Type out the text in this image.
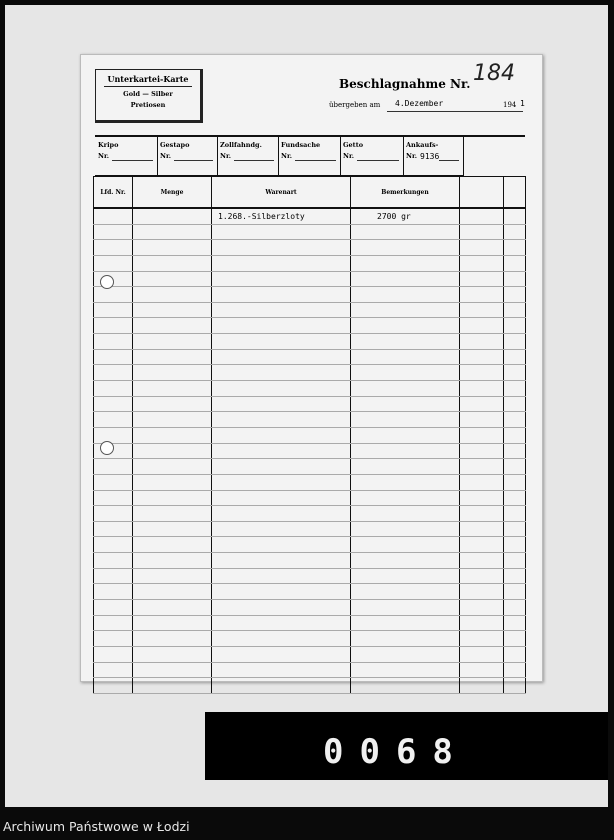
Unterkartei-Karte
Gold — Silber
Pretiosen
Beschlagnahme Nr. 184
übergeben am 4.Dezember	194 1
Kripo
Nr.
Gestapo
Nr.
Zollfahndg.
Nr.
Fundsache
Nr.
Getto
Nr.
Ankaufs-
Nr. 9136
Lfd. Nr.	Menge	Warenart	Bemerkungen		
		1.268.-Silberzloty	2700 gr		

0068
Archiwum Państwowe w Łodzi
